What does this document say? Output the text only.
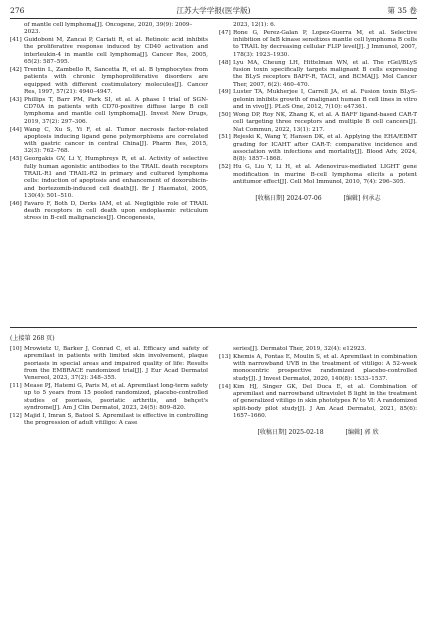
276	江苏大学学报(医学版)	第 35 卷
of mantle cell lymphoma[J]. Oncogene, 2020, 39(9): 2009–2023.
[41] Guidoboni M, Zancai P, Cariati R, et al. Retinoic acid inhibits the proliferative response induced by CD40 activation and interleukin-4 in mantle cell lymphoma[J]. Cancer Res, 2005, 65(2): 587–595.
[42] Trentin L, Zambello R, Sancetta R, et al. B lymphocytes from patients with chronic lymphoproliferative disorders are equipped with different costimulatory molecules[J]. Cancer Res, 1997, 57(21): 4940–4947.
[43] Phillips T, Barr PM, Park SI, et al. A phase I trial of SGN-CD70A in patients with CD70-positive diffuse large B cell lymphoma and mantle cell lymphoma[J]. Invest New Drugs, 2019, 37(2): 297–306.
[44] Wang C, Xu S, Yi F, et al. Tumor necrosis factor-related apoptosis inducing ligand gene polymorphisms are correlated with gastric cancer in central China[J]. Pharm Res, 2015, 32(3): 762–768.
[45] Georgakis GV, Li Y, Humphreys R, et al. Activity of selective fully human agonistic antibodies to the TRAIL death receptors TRAIL-R1 and TRAIL-R2 in primary and cultured lymphoma cells: induction of apoptosis and enhancement of doxorubicin- and bortezomib-induced cell death[J]. Br J Haematol, 2005, 130(4): 501–510.
[46] Favaro F, Both D, Derks IAM, et al. Negligible role of TRAIL death receptors in cell death upon endoplasmic reticulum stress in B-cell malignancies[J]. Oncogenesis,
2023, 12(1): 6.
[47] Rone G, Perez-Galan P, Lopez-Guerra M, et al. Selective inhibition of IκB kinase sensitizes mantle cell lymphoma B cells to TRAIL by decreasing cellular FLIP level[J]. J Immunol, 2007, 178(3): 1923–1930.
[48] Lyu MA, Cheung LH, Hittelman WN, et al. The rGel/BLyS fusion toxin specifically targets malignant B cells expressing the BLyS receptors BAFF-R, TACI, and BCMA[J]. Mol Cancer Ther, 2007, 6(2): 460–470.
[49] Luster TA, Mukherjee I, Carrell JA, et al. Fusion toxin BLyS-gelonin inhibits growth of malignant human B cell lines in vitro and in vivo[J]. PLoS One, 2012, 7(10): e47361.
[50] Wong DP, Roy NK, Zhang K, et al. A BAFF ligand-based CAR-T cell targeting three receptors and multiple B cell cancers[J]. Nat Commun, 2022, 13(1): 217.
[51] Rejeski K, Wang Y, Hansen DK, et al. Applying the EHA/EBMT grading for ICAHT after CAR-T: comparative incidence and association with infections and mortality[J]. Blood Adv, 2024, 8(8): 1857–1868.
[52] Hu G, Liu Y, Li H, et al. Adenovirus-mediated LIGHT gene modification in murine B-cell lymphoma elicits a potent antitumor effect[J]. Cell Mol Immunol, 2010, 7(4): 296–305.
[收稿日期] 2024-07-06	[编辑] 何承志
(上接第 268 页)
[10] Mrowietz U, Barker J, Conrad C, et al. Efficacy and safety of apremilast in patients with limited skin involvement, plaque psoriasis in special areas and impaired quality of life: Results from the EMBRACE randomized trial[J]. J Eur Acad Dermatol Venereol, 2023, 37(2): 348–355.
[11] Mease PJ, Hatemi G, Paris M, et al. Apremilast long-term safety up to 5 years from 15 pooled randomized, placebo-controlled studies of psoriasis, psoriatic arthritis, and behçet's syndrome[J]. Am J Clin Dermatol, 2023, 24(5): 809–820.
[12] Majid I, Imran S, Batool S. Apremilast is effective in controlling the progression of adult vitiligo: A case
series[J]. Dermatol Ther, 2019, 32(4): e12923.
[13] Khemis A, Fontas E, Moulin S, et al. Apremilast in combination with narrowband UVB in the treatment of vitiligo: A 52-week monocentric prospective randomized placebo-controlled study[J]. J Invest Dermatol, 2020, 140(8): 1533–1537.
[14] Kim HJ, Singer GK, Del Duca E, et al. Combination of apremilast and narrowband ultraviolet B light in the treatment of generalized vitiligo in skin phototypes Ⅳ to Ⅵ: A randomized split-body pilot study[J]. J Am Acad Dermatol, 2021, 85(6): 1657–1660.
[收稿日期] 2025-02-18	[编辑] 郭 欣
